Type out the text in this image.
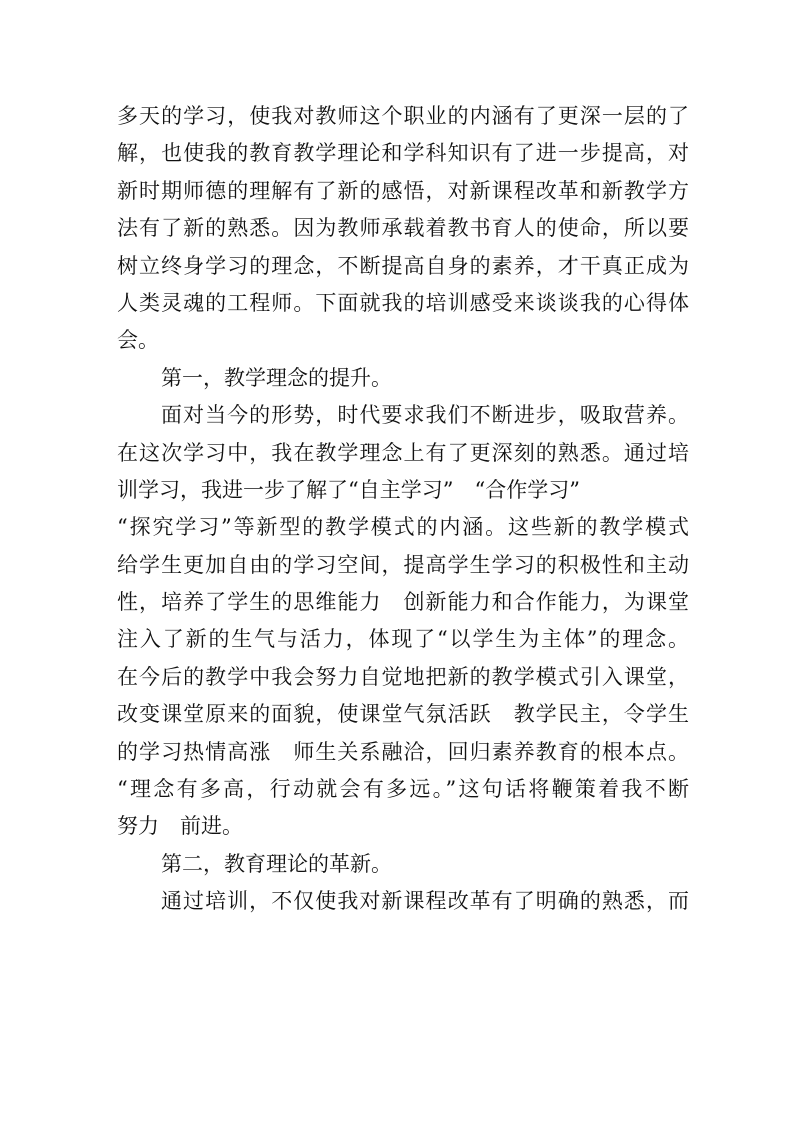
多天的学习，使我对教师这个职业的内涵有了更深一层的了
解，也使我的教育教学理论和学科知识有了进一步提高，对
新时期师德的理解有了新的感悟，对新课程改革和新教学方
法有了新的熟悉。因为教师承载着教书育人的使命，所以要
树立终身学习的理念，不断提高自身的素养，才干真正成为
人类灵魂的工程师。下面就我的培训感受来谈谈我的心得体
会。
第一，教学理念的提升。
面对当今的形势，时代要求我们不断进步，吸取营养。
在这次学习中，我在教学理念上有了更深刻的熟悉。通过培
训学习，我进一步了解了“自主学习”　“合作学习”
“探究学习”等新型的教学模式的内涵。这些新的教学模式
给学生更加自由的学习空间，提高学生学习的积极性和主动
性，培养了学生的思维能力　创新能力和合作能力，为课堂
注入了新的生气与活力，体现了“以学生为主体”的理念。
在今后的教学中我会努力自觉地把新的教学模式引入课堂，
改变课堂原来的面貌，使课堂气氛活跃　教学民主，令学生
的学习热情高涨　师生关系融洽，回归素养教育的根本点。
“理念有多高，行动就会有多远。”这句话将鞭策着我不断
努力　前进。
第二，教育理论的革新。
通过培训，不仅使我对新课程改革有了明确的熟悉，而
